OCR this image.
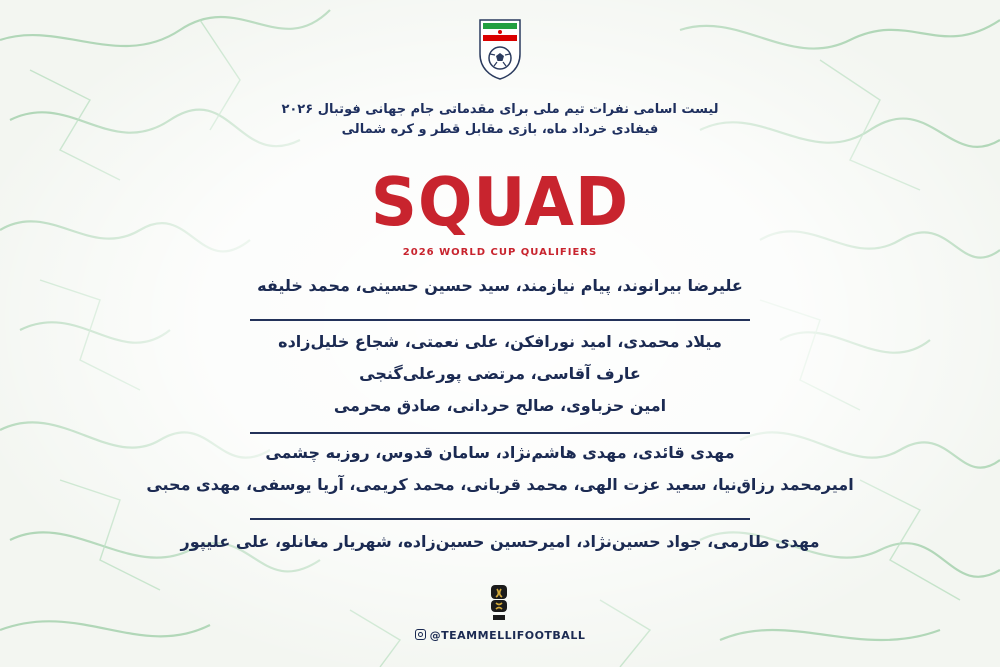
لیست اسامی نفرات تیم ملی برای مقدماتی جام جهانی فوتبال ۲۰۲۶
فیفادی خرداد ماه، بازی مقابل قطر و کره شمالی
SQUAD
2026 WORLD CUP QUALIFIERS
علیرضا بیرانوند، پیام نیازمند، سید حسین حسینی، محمد خلیفه
میلاد محمدی، امید نورافکن، علی نعمتی، شجاع خلیل‌زاده
عارف آقاسی، مرتضی پورعلی‌گنجی
امین حزباوی، صالح حردانی، صادق محرمی
مهدی قائدی، مهدی هاشم‌نژاد، سامان قدوس، روزبه چشمی
امیرمحمد رزاق‌نیا، سعید عزت الهی، محمد قربانی، محمد کریمی، آریا یوسفی، مهدی محبی
مهدی طارمی، جواد حسین‌نژاد، امیرحسین حسین‌زاده، شهریار مغانلو، علی علیپور
@TEAMMELLIFOOTBALL
